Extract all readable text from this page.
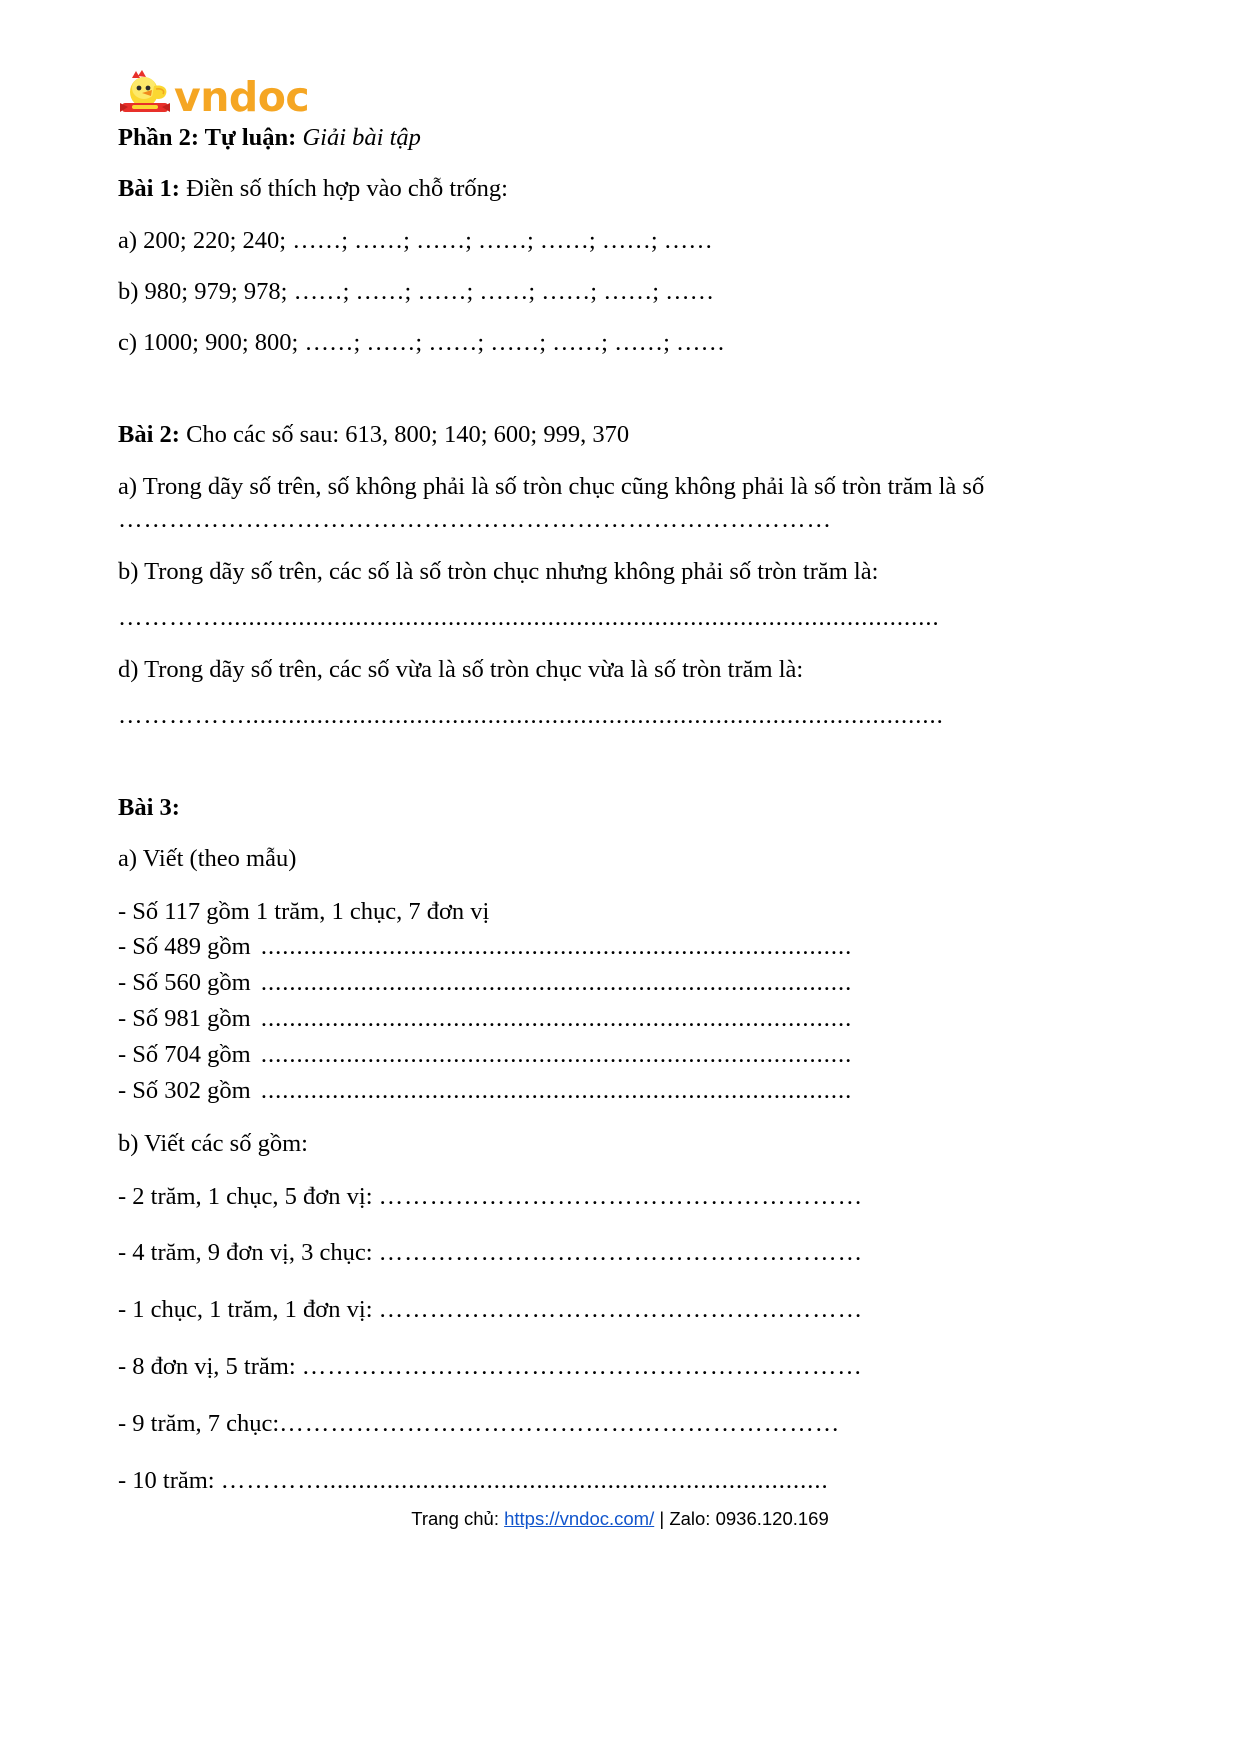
vndoc

Phần 2: Tự luận: Giải bài tập

Bài 1: Điền số thích hợp vào chỗ trống:

a) 200; 220; 240; ……; ……; ……; ……; ……; ……; ……

b) 980; 979; 978; ……; ……; ……; ……; ……; ……; ……

c) 1000; 900; 800; ……; ……; ……; ……; ……; ……; ……

Bài 2: Cho các số sau: 613, 800; 140; 600; 999, 370

a) Trong dãy số trên, số không phải là số tròn chục cũng không phải là số tròn trăm là số …………………………………………………………………………

b) Trong dãy số trên, các số là số tròn chục nhưng không phải số tròn trăm là:

………….....................................................................................................

d) Trong dãy số trên, các số vừa là số tròn chục vừa là số tròn trăm là:

……………..................................................................................................

Bài 3:

a) Viết (theo mẫu)

- Số 117 gồm 1 trăm, 1 chục, 7 đơn vị

- Số 489 gồm ...................................................................................

- Số 560 gồm ...................................................................................

- Số 981 gồm ...................................................................................

- Số 704 gồm ...................................................................................

- Số 302 gồm ...................................................................................

b) Viết các số gồm:

- 2 trăm, 1 chục, 5 đơn vị: …………………………………………………

- 4 trăm, 9 đơn vị, 3 chục: …………………………………………………

- 1 chục, 1 trăm, 1 đơn vị: …………………………………………………

- 8 đơn vị, 5 trăm: …………………………………………………………

- 9 trăm, 7 chục: …………………………………………………………

- 10 trăm: ………….......................................................................

Trang chủ: https://vndoc.com/ | Zalo: 0936.120.169
